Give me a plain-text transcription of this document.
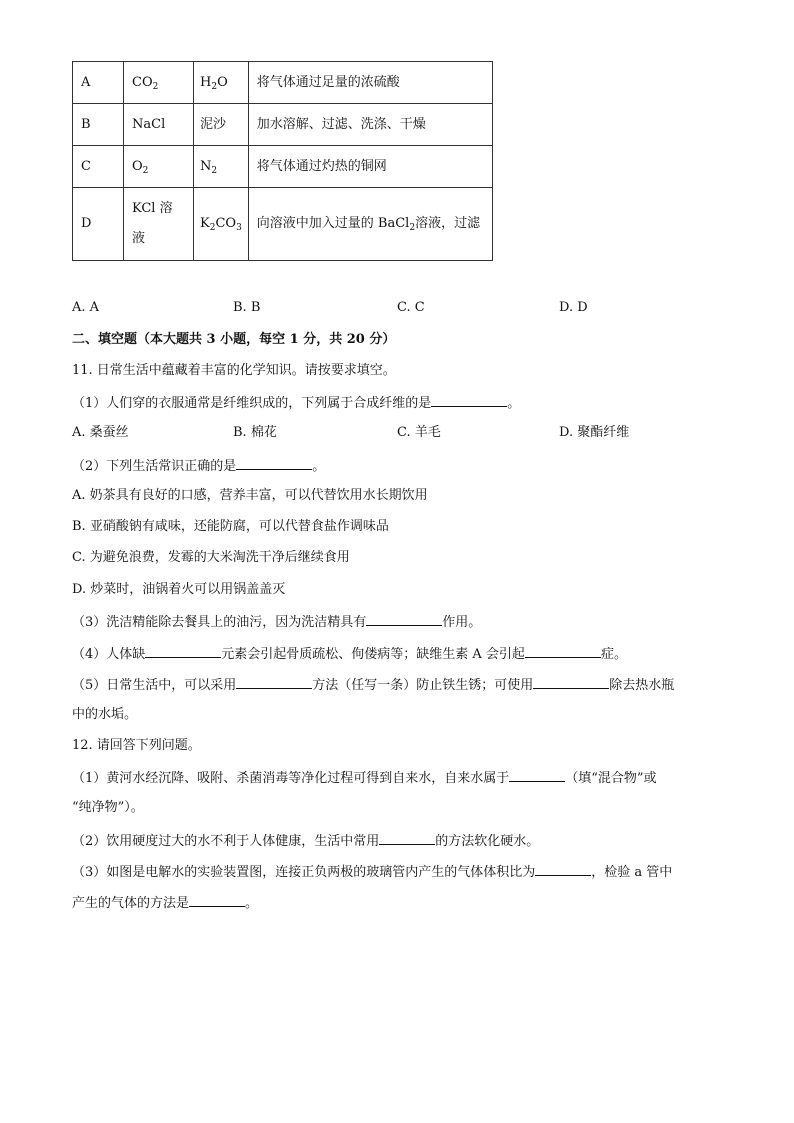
A	$CO_2$	$H_2O$	将气体通过足量的浓硫酸
B	NaCl	泥沙	加水溶解、过滤、洗涤、干燥
C	$O_2$	$N_2$	将气体通过灼热的铜网
D	KCl 溶液	$K_2CO_3$	向溶液中加入过量的 BaCl$_2$溶液，过滤
A. A	B. B	C. C	D. D
二、填空题（本大题共 3 小题，每空 1 分，共 20 分）
11. 日常生活中蕴藏着丰富的化学知识。请按要求填空。
（1）人们穿的衣服通常是纤维织成的，下列属于合成纤维的是	。
A. 桑蚕丝	B. 棉花	C. 羊毛	D. 聚酯纤维
（2）下列生活常识正确的是	。
A. 奶茶具有良好的口感，营养丰富，可以代替饮用水长期饮用
B. 亚硝酸钠有咸味，还能防腐，可以代替食盐作调味品
C. 为避免浪费，发霉的大米淘洗干净后继续食用
D. 炒菜时，油锅着火可以用锅盖盖灭
（3）洗洁精能除去餐具上的油污，因为洗洁精具有	作用。
（4）人体缺	元素会引起骨质疏松、佝偻病等；缺维生素 A 会引起	症。
（5）日常生活中，可以采用	方法（任写一条）防止铁生锈；可使用	除去热水瓶
中的水垢。
12. 请回答下列问题。
（1）黄河水经沉降、吸附、杀菌消毒等净化过程可得到自来水，自来水属于	（填“混合物”或
“纯净物”）。
（2）饮用硬度过大的水不利于人体健康，生活中常用	的方法软化硬水。
（3）如图是电解水的实验装置图，连接正负两极的玻璃管内产生的气体体积比为	，检验 a 管中
产生的气体的方法是	。
